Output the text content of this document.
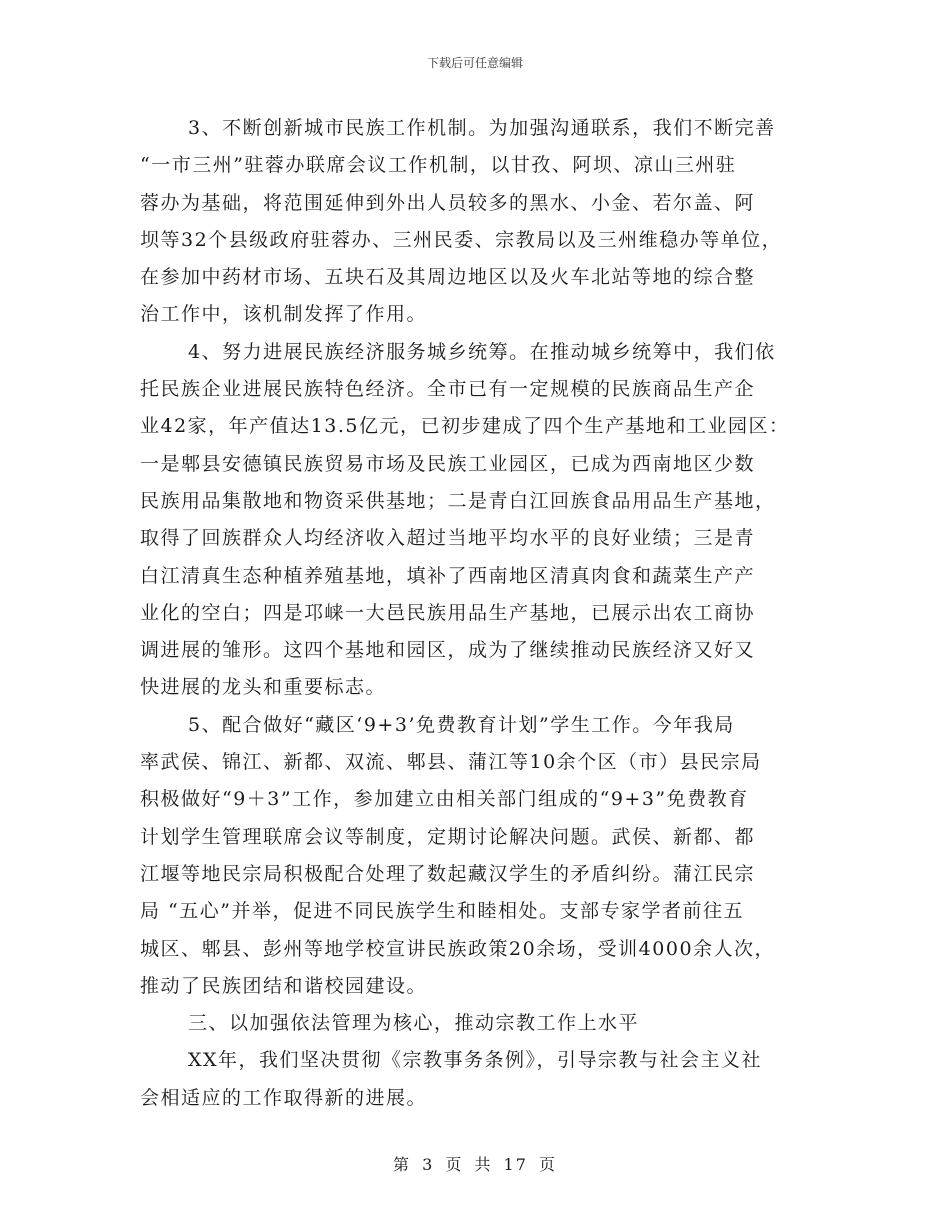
下载后可任意编辑
3、不断创新城市民族工作机制。为加强沟通联系，我们不断完善
“一市三州”驻蓉办联席会议工作机制，以甘孜、阿坝、凉山三州驻
蓉办为基础，将范围延伸到外出人员较多的黑水、小金、若尔盖、阿
坝等32个县级政府驻蓉办、三州民委、宗教局以及三州维稳办等单位，
在参加中药材市场、五块石及其周边地区以及火车北站等地的综合整
治工作中，该机制发挥了作用。
4、努力进展民族经济服务城乡统筹。在推动城乡统筹中，我们依
托民族企业进展民族特色经济。全市已有一定规模的民族商品生产企
业42家，年产值达13.5亿元，已初步建成了四个生产基地和工业园区：
一是郫县安德镇民族贸易市场及民族工业园区，已成为西南地区少数
民族用品集散地和物资采供基地；二是青白江回族食品用品生产基地，
取得了回族群众人均经济收入超过当地平均水平的良好业绩；三是青
白江清真生态种植养殖基地，填补了西南地区清真肉食和蔬菜生产产
业化的空白；四是邛崃一大邑民族用品生产基地，已展示出农工商协
调进展的雏形。这四个基地和园区，成为了继续推动民族经济又好又
快进展的龙头和重要标志。
5、配合做好“藏区‘9+3’免费教育计划”学生工作。今年我局
率武侯、锦江、新都、双流、郫县、蒲江等10余个区（市）县民宗局
积极做好“9＋3”工作，参加建立由相关部门组成的“9+3”免费教育
计划学生管理联席会议等制度，定期讨论解决问题。武侯、新都、都
江堰等地民宗局积极配合处理了数起藏汉学生的矛盾纠纷。蒲江民宗
局 “五心”并举，促进不同民族学生和睦相处。支部专家学者前往五
城区、郫县、彭州等地学校宣讲民族政策20余场，受训4000余人次，
推动了民族团结和谐校园建设。
三、以加强依法管理为核心，推动宗教工作上水平
XX年，我们坚决贯彻《宗教事务条例》，引导宗教与社会主义社
会相适应的工作取得新的进展。
第 3 页 共 17 页
